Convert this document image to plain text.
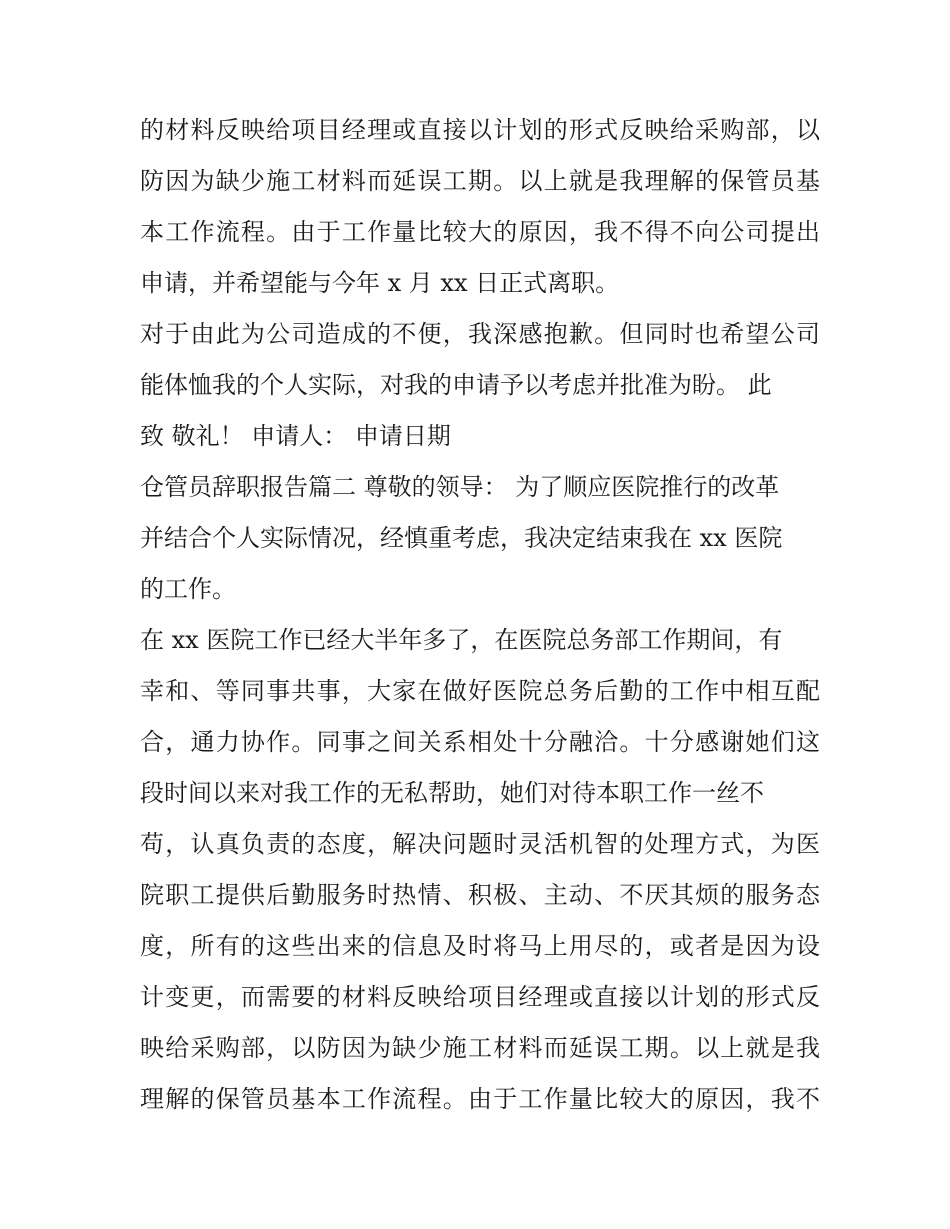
的材料反映给项目经理或直接以计划的形式反映给采购部，以
防因为缺少施工材料而延误工期。以上就是我理解的保管员基
本工作流程。由于工作量比较大的原因，我不得不向公司提出
申请，并希望能与今年 x 月 xx 日正式离职。
对于由此为公司造成的不便，我深感抱歉。但同时也希望公司
能体恤我的个人实际，对我的申请予以考虑并批准为盼。 此
致 敬礼！ 申请人： 申请日期
仓管员辞职报告篇二 尊敬的领导： 为了顺应医院推行的改革
并结合个人实际情况，经慎重考虑，我决定结束我在 xx 医院
的工作。
在 xx 医院工作已经大半年多了，在医院总务部工作期间，有
幸和、等同事共事，大家在做好医院总务后勤的工作中相互配
合，通力协作。同事之间关系相处十分融洽。十分感谢她们这
段时间以来对我工作的无私帮助，她们对待本职工作一丝不
苟，认真负责的态度，解决问题时灵活机智的处理方式，为医
院职工提供后勤服务时热情、积极、主动、不厌其烦的服务态
度，所有的这些出来的信息及时将马上用尽的，或者是因为设
计变更，而需要的材料反映给项目经理或直接以计划的形式反
映给采购部，以防因为缺少施工材料而延误工期。以上就是我
理解的保管员基本工作流程。由于工作量比较大的原因，我不
